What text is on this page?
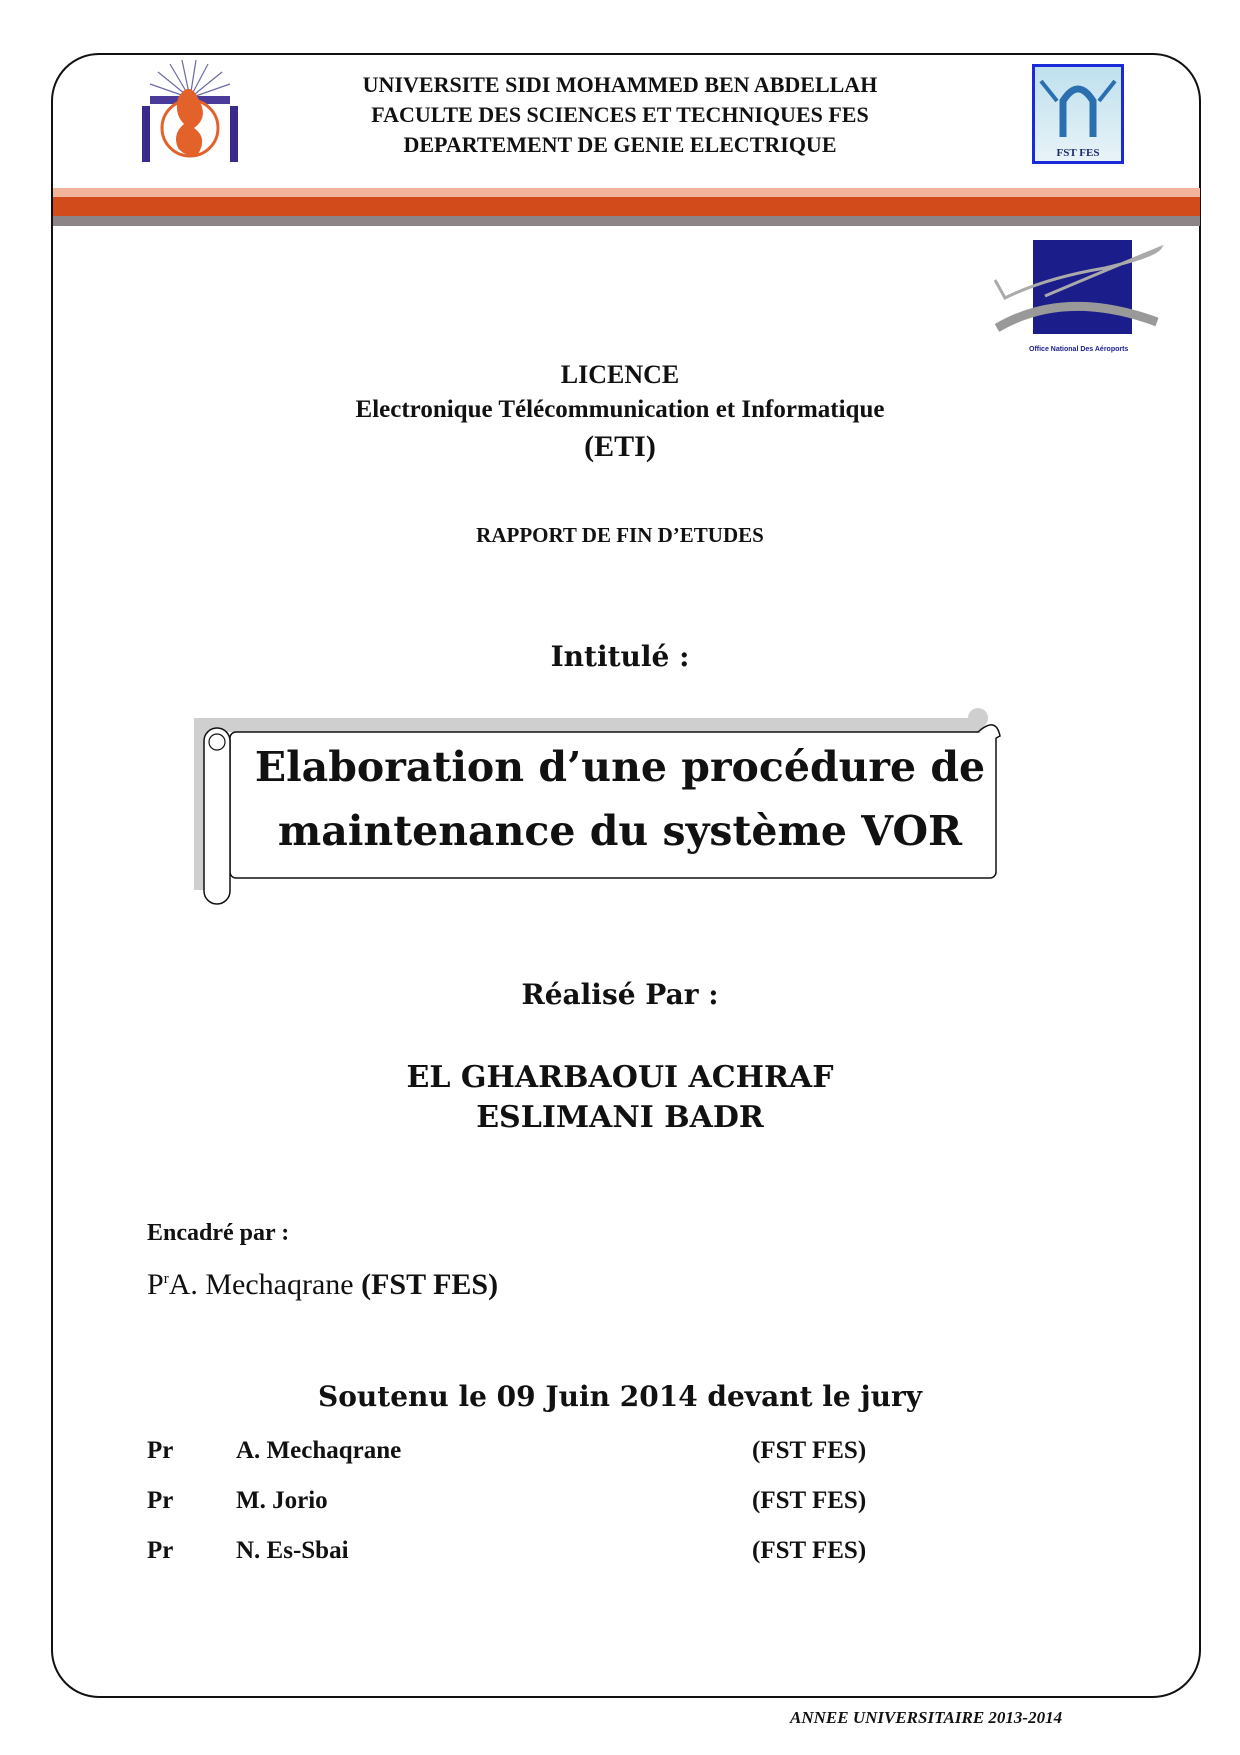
UNIVERSITE SIDI MOHAMMED BEN ABDELLAH
FACULTE DES SCIENCES ET TECHNIQUES FES
DEPARTEMENT DE GENIE ELECTRIQUE	FST FES
Office National Des Aéroports
LICENCE
Electronique Télécommunication et Informatique
(ETI)
RAPPORT DE FIN D’ETUDES
Intitulé :
Elaboration d’une procédure de
maintenance du système VOR
Réalisé Par :
EL GHARBAOUI ACHRAF
ESLIMANI BADR
Encadré par :
$P^rA$. Mechaqrane (FST FES)
Soutenu le 09 Juin 2014 devant le jury
Pr	A. Mechaqrane	(FST FES)
Pr	M. Jorio	(FST FES)
Pr	N. Es-Sbai	(FST FES)
ANNEE UNIVERSITAIRE 2013-2014
